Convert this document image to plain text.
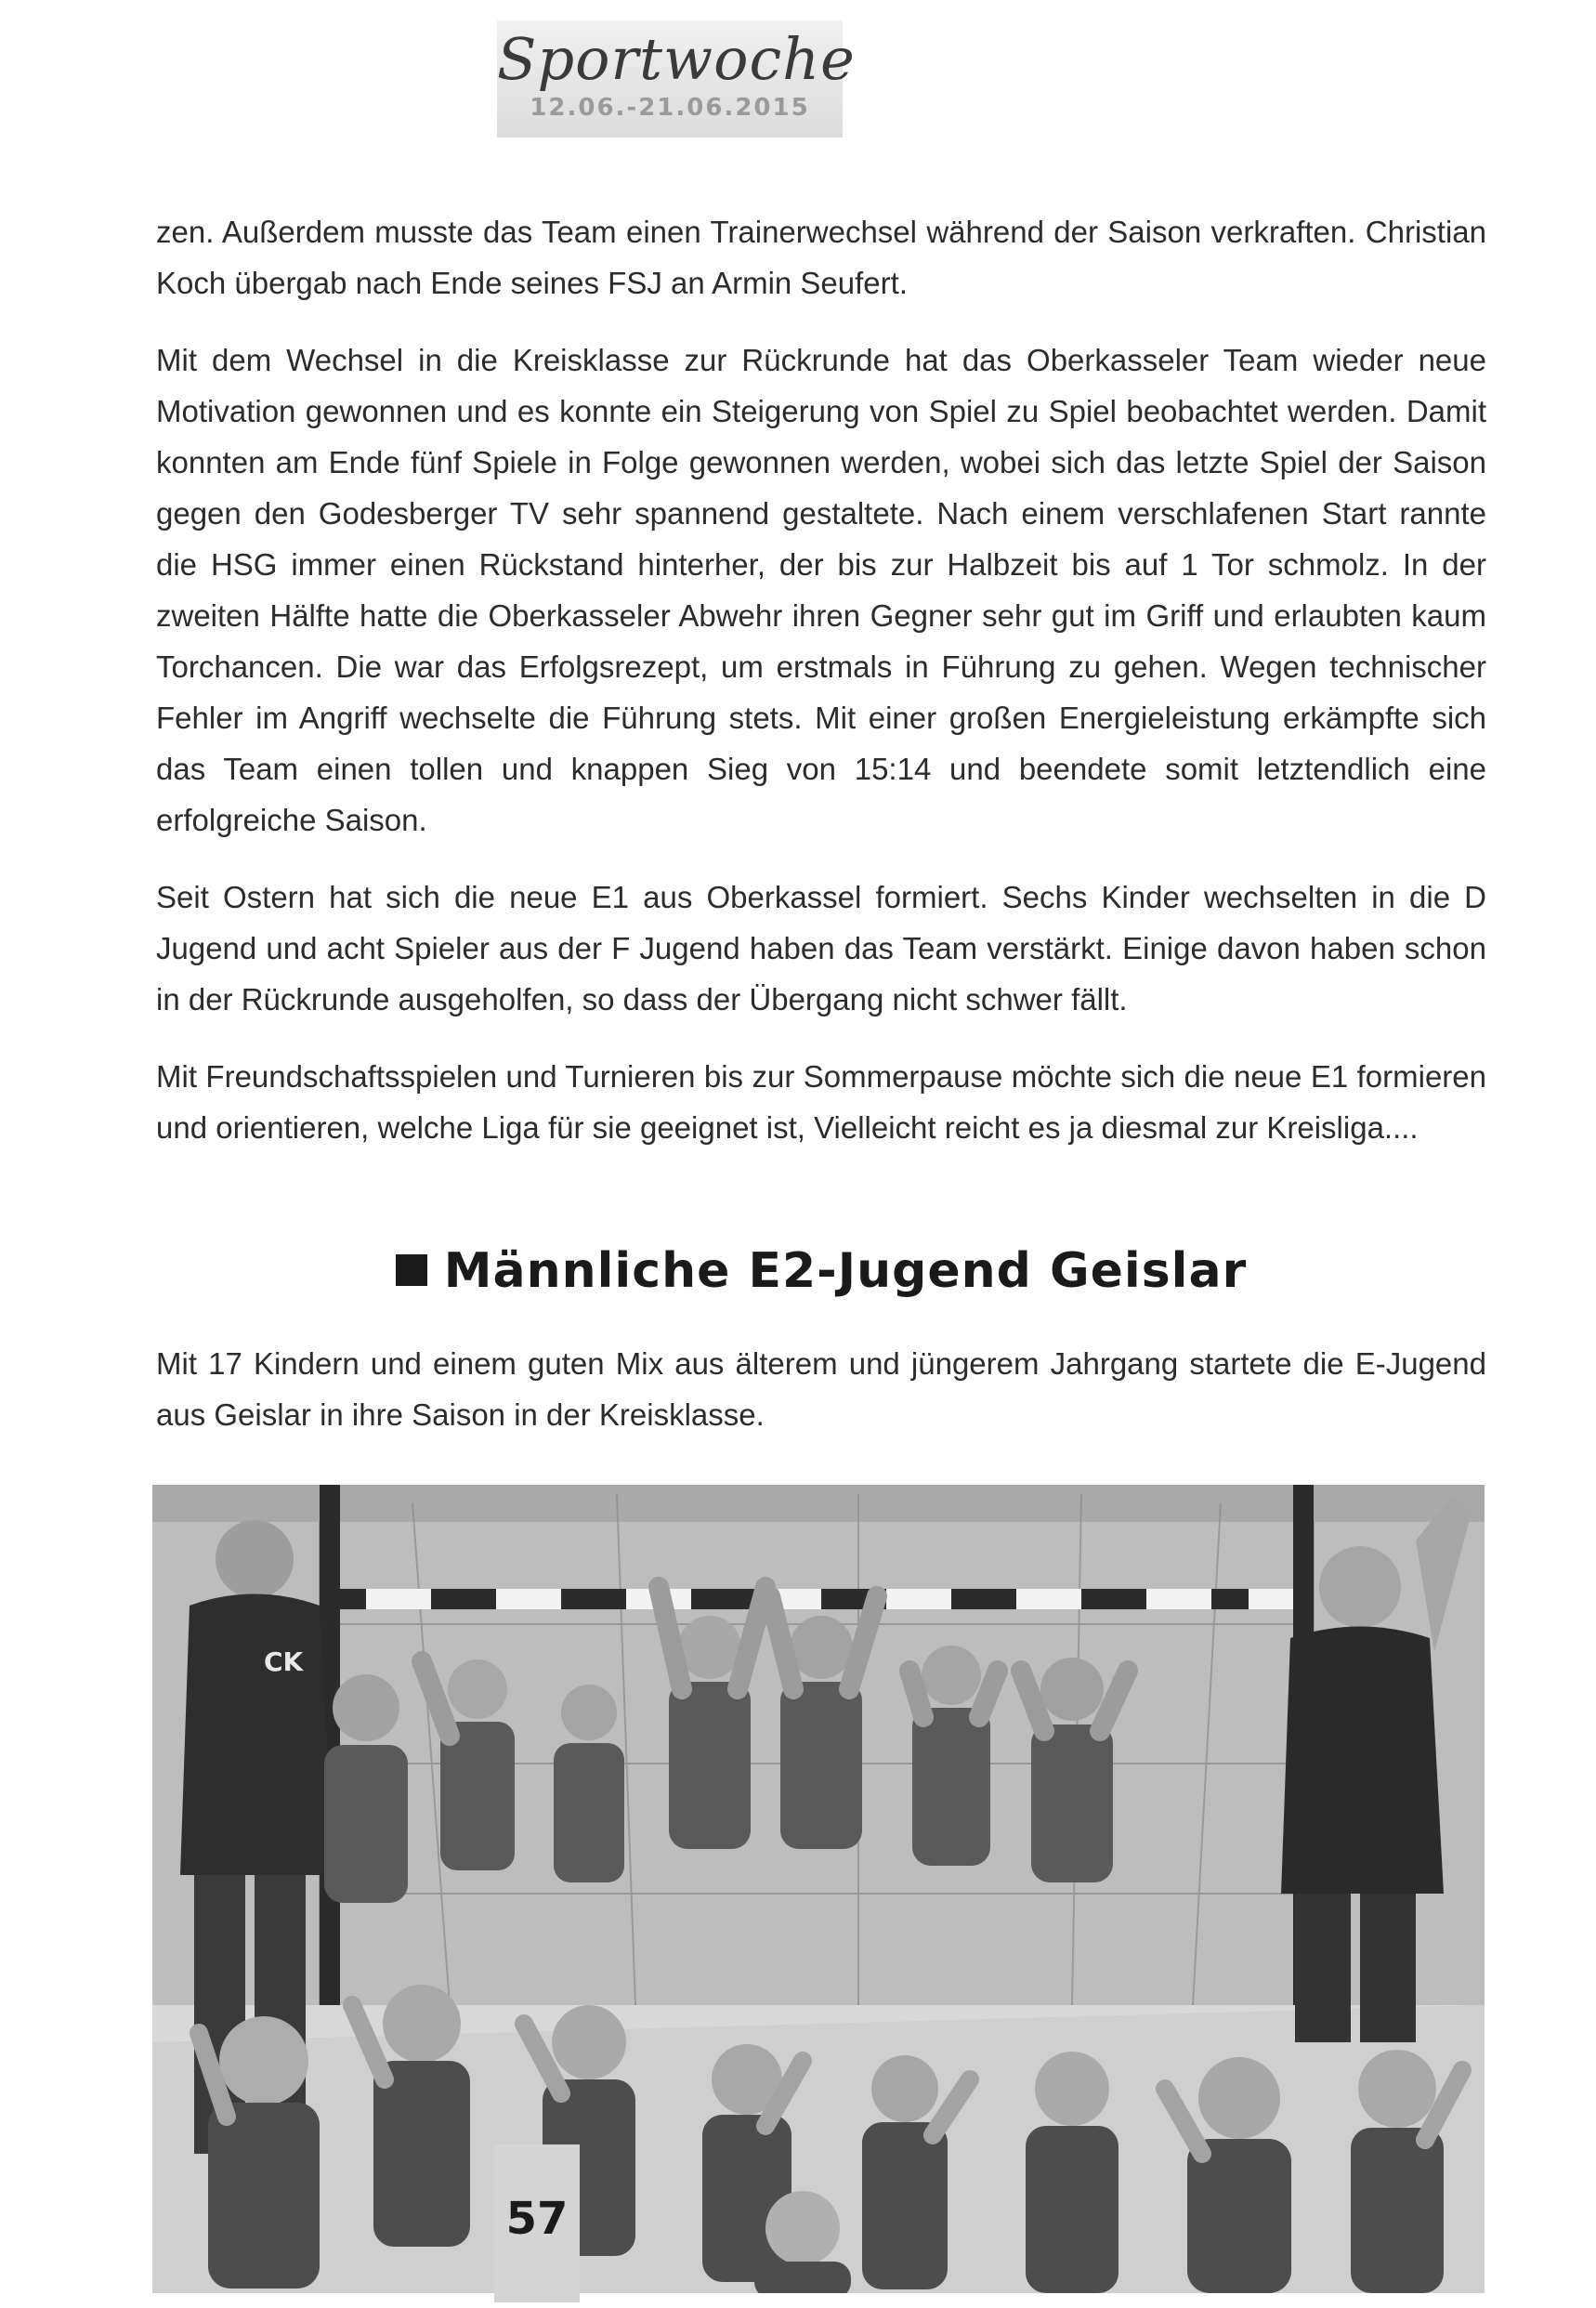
Sportwoche
12.06.-21.06.2015

zen. Außerdem musste das Team einen Trainerwechsel während der Saison verkraften. Christian Koch übergab nach Ende seines FSJ an Armin Seufert.

Mit dem Wechsel in die Kreisklasse zur Rückrunde hat das Oberkasseler Team wieder neue Motivation gewonnen und es konnte ein Steigerung von Spiel zu Spiel beobachtet werden. Damit konnten am Ende fünf Spiele in Folge gewonnen werden, wobei sich das letzte Spiel der Saison gegen den Godesberger TV sehr spannend gestaltete. Nach einem verschlafenen Start rannte die HSG immer einen Rückstand hinterher, der bis zur Halbzeit bis auf 1 Tor schmolz. In der zweiten Hälfte hatte die Oberkasseler Abwehr ihren Gegner sehr gut im Griff und erlaubten kaum Torchancen. Die war das Erfolgsrezept, um erstmals in Führung zu gehen. Wegen technischer Fehler im Angriff wechselte die Führung stets. Mit einer großen Energieleistung erkämpfte sich das Team einen tollen und knappen Sieg von 15:14 und beendete somit letztendlich eine erfolgreiche Saison.

Seit Ostern hat sich die neue E1 aus Oberkassel formiert. Sechs Kinder wechselten in die D Jugend und acht Spieler aus der F Jugend haben das Team verstärkt. Einige davon haben schon in der Rückrunde ausgeholfen, so dass der Übergang nicht schwer fällt.

Mit Freundschaftsspielen und Turnieren bis zur Sommerpause möchte sich die neue E1 formieren und orientieren, welche Liga für sie geeignet ist, Vielleicht reicht es ja diesmal zur Kreisliga....

Männliche E2-Jugend Geislar

Mit 17 Kindern und einem guten Mix aus älterem und jüngerem Jahrgang startete die E-Jugend aus Geislar in ihre Saison in der Kreisklasse.

CK
57
